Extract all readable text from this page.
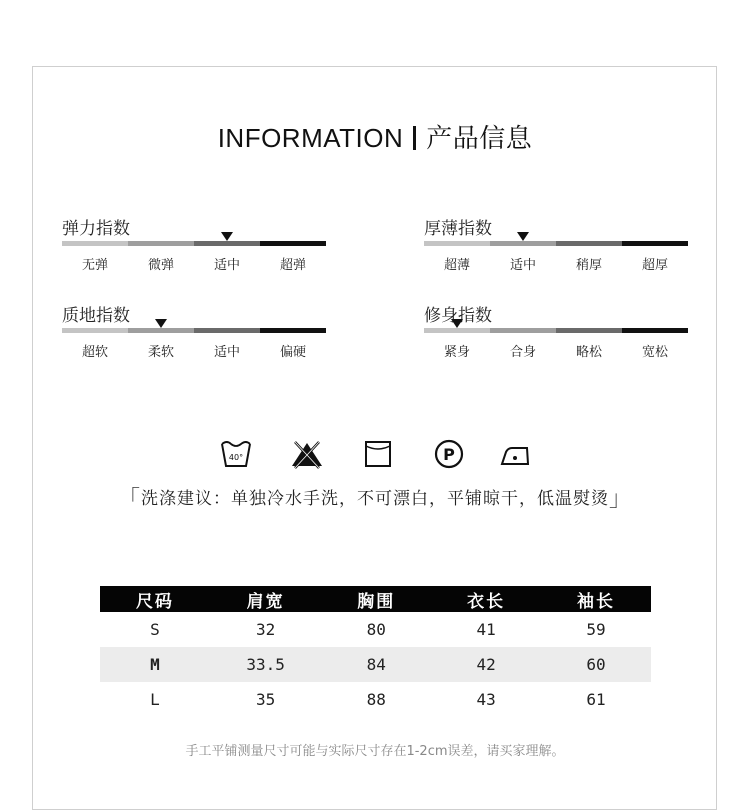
INFORMATION 产品信息
弹力指数
无弹	微弹	适中	超弹
厚薄指数
超薄	适中	稍厚	超厚
质地指数
超软	柔软	适中	偏硬
修身指数
紧身	合身	略松	宽松
40°	P
「洗涤建议：单独冷水手洗，不可漂白，平铺晾干，低温熨烫」
尺码	肩宽	胸围	衣长	袖长
S	32	80	41	59
M	33.5	84	42	60
L	35	88	43	61
手工平铺测量尺寸可能与实际尺寸存在1-2cm误差，请买家理解。
